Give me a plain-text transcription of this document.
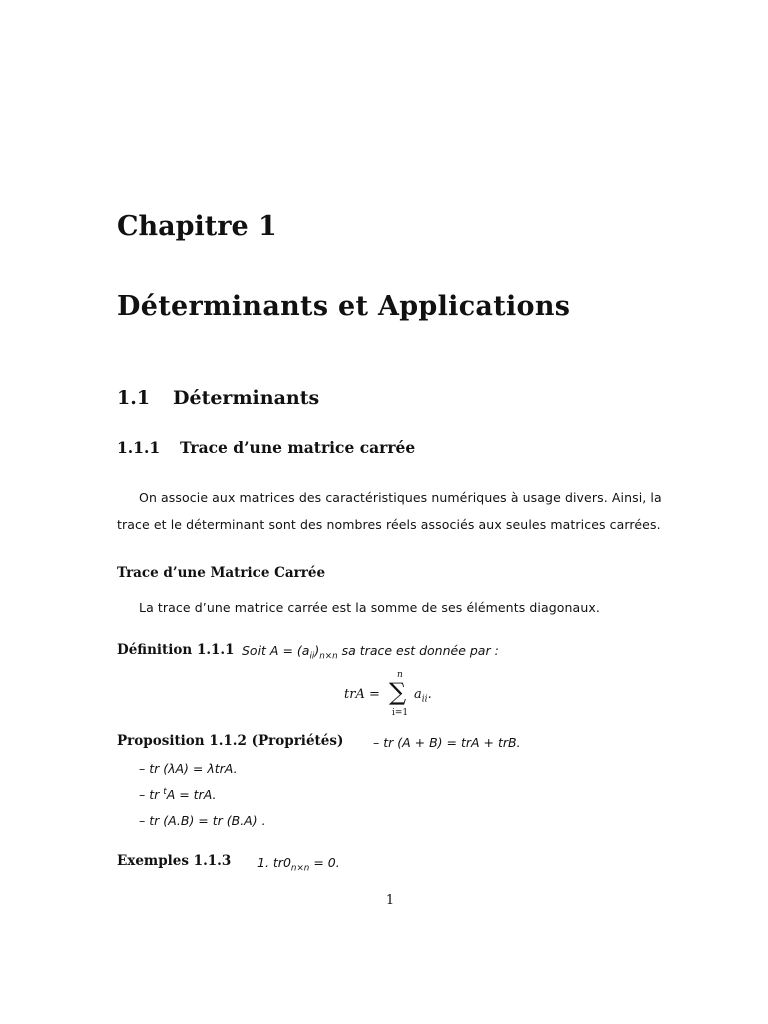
Chapitre 1
Déterminants et Applications
1.1 Déterminants
1.1.1 Trace d’une matrice carrée
On associe aux matrices des caractéristiques numériques à usage divers. Ainsi, la
trace et le déterminant sont des nombres réels associés aux seules matrices carrées.
Trace d’une Matrice Carrée
La trace d’une matrice carrée est la somme de ses éléments diagonaux.
Définition 1.1.1 Soit $A = (a_{ii})_{n\times n}$ sa trace est donnée par :
trA =
n
∑
i=1
$a_{ii}$.
Proposition 1.1.2 (Propriétés) – tr (A + B) = trA + trB.
– tr (λA) = λtrA.
– tr $^t$A = trA.
– tr (A.B) = tr (B.A) .
Exemples 1.1.3 1. $tr0_{n\times n} = 0$.
1
